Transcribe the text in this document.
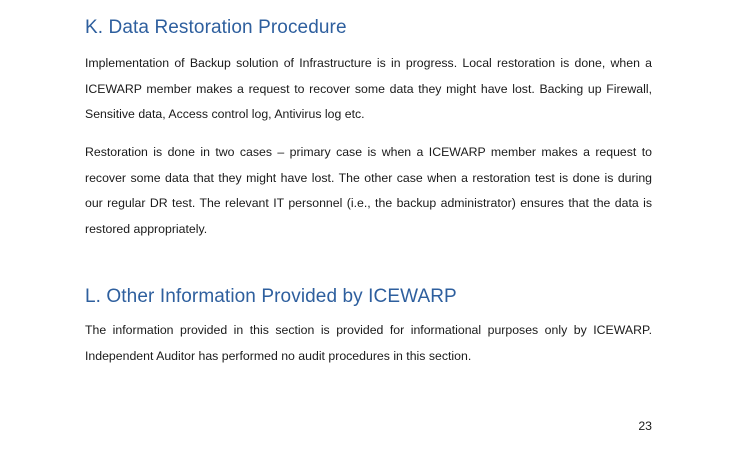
K. Data Restoration Procedure

Implementation of Backup solution of Infrastructure is in progress. Local restoration is done, when a ICEWARP member makes a request to recover some data they might have lost. Backing up Firewall, Sensitive data, Access control log, Antivirus log etc.

Restoration is done in two cases – primary case is when a ICEWARP member makes a request to recover some data that they might have lost. The other case when a restoration test is done is during our regular DR test. The relevant IT personnel (i.e., the backup administrator) ensures that the data is restored appropriately.

L. Other Information Provided by ICEWARP

The information provided in this section is provided for informational purposes only by ICEWARP. Independent Auditor has performed no audit procedures in this section.

23
